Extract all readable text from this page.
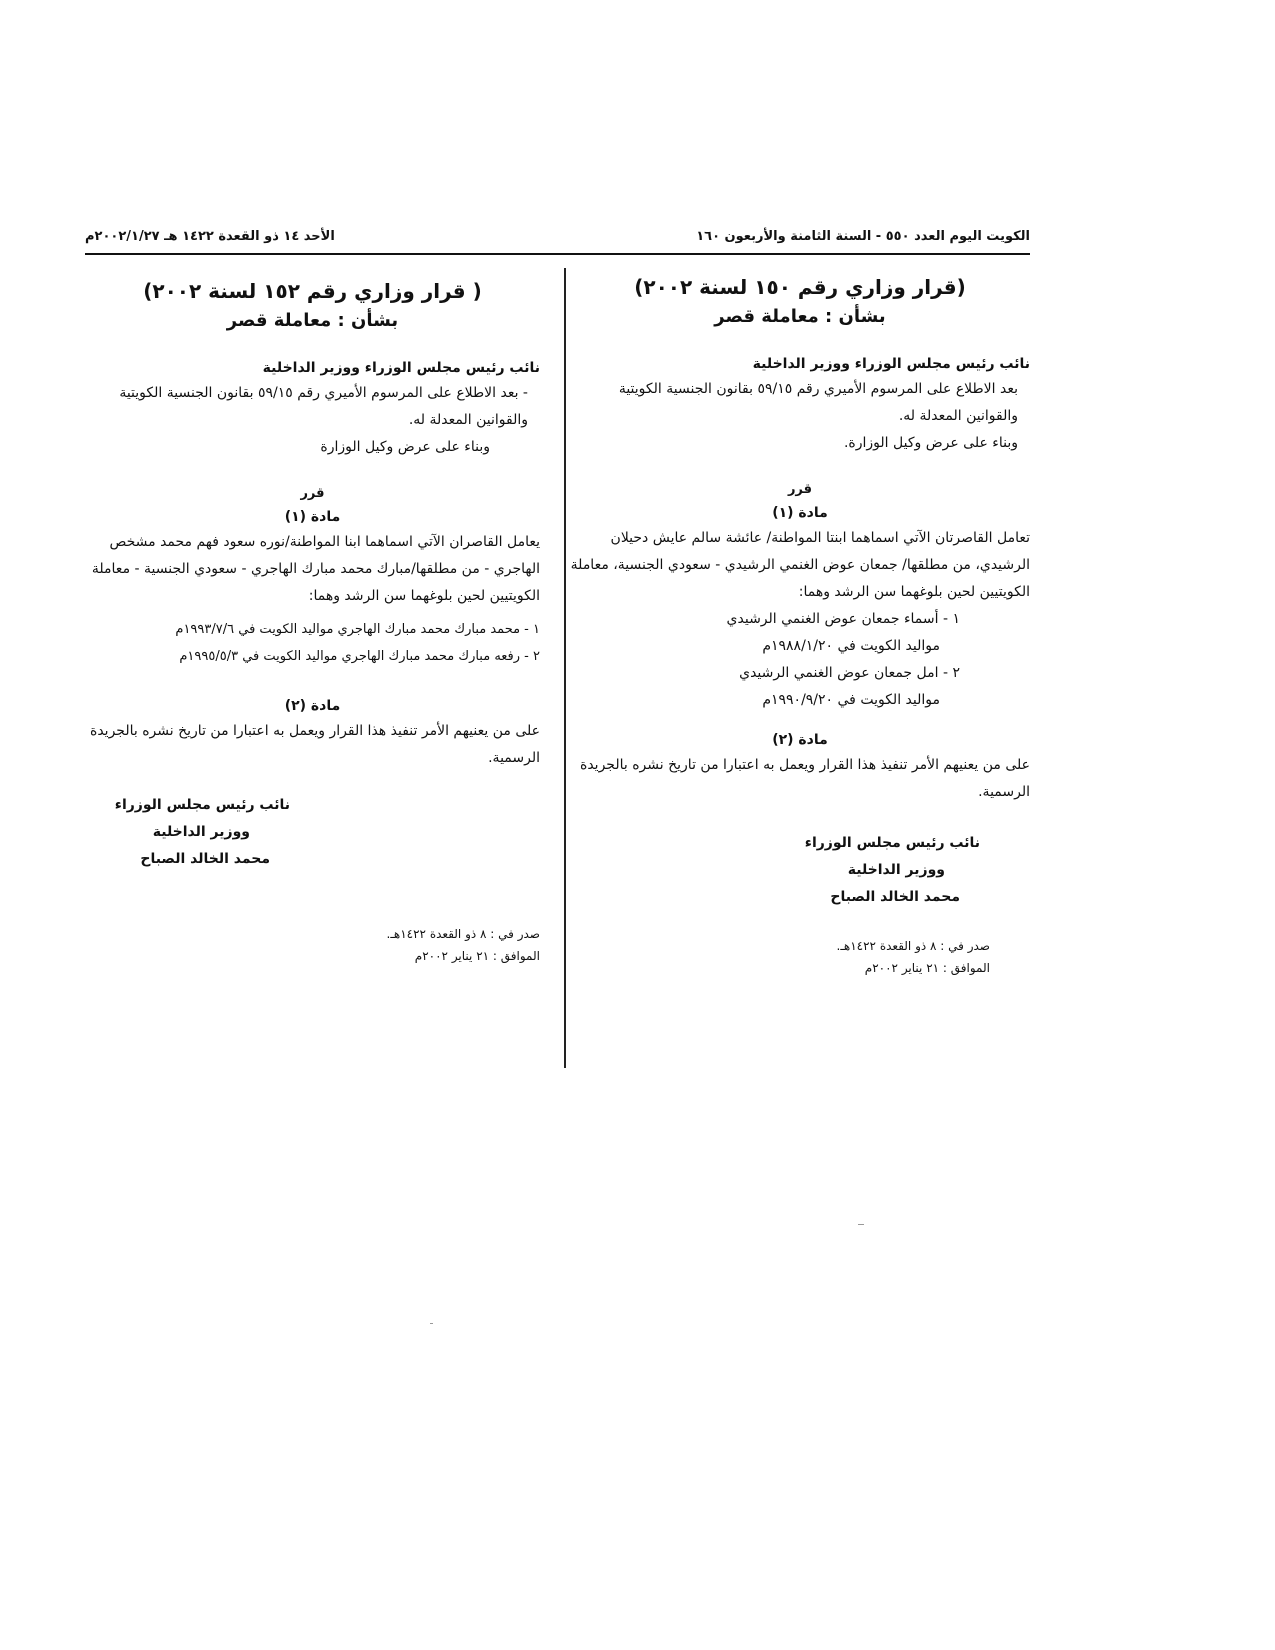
الكويت اليوم العدد ٥٥٠ - السنة الثامنة والأربعون ١٦٠
الأحد ١٤ ذو القعدة ١٤٢٢ هـ ٢٠٠٢/١/٢٧م
(قرار وزاري رقم ١٥٠ لسنة ٢٠٠٢)
بشأن : معاملة قصر
نائب رئيس مجلس الوزراء ووزير الداخلية
بعد الاطلاع على المرسوم الأميري رقم ٥٩/١٥ بقانون الجنسية الكويتية والقوانين المعدلة له.
وبناء على عرض وكيل الوزارة.
قرر
مادة (١)
تعامل القاصرتان الآتي اسماهما ابنتا المواطنة/ عائشة سالم عايش دحيلان الرشيدي، من مطلقها/ جمعان عوض الغنمي الرشيدي - سعودي الجنسية، معاملة الكويتيين لحين بلوغهما سن الرشد وهما:
١ - أسماء جمعان عوض الغنمي الرشيدي
مواليد الكويت في ١٩٨٨/١/٢٠م
٢ - امل جمعان عوض الغنمي الرشيدي
مواليد الكويت في ١٩٩٠/٩/٢٠م
مادة (٢)
على من يعنيهم الأمر تنفيذ هذا القرار ويعمل به اعتبارا من تاريخ نشره بالجريدة الرسمية.
نائب رئيس مجلس الوزراء
ووزير الداخلية
محمد الخالد الصباح
صدر في : ٨ ذو القعدة ١٤٢٢هـ.
الموافق : ٢١ يناير ٢٠٠٢م
( قرار وزاري رقم ١٥٢ لسنة ٢٠٠٢)
بشأن : معاملة قصر
نائب رئيس مجلس الوزراء ووزير الداخلية
- بعد الاطلاع على المرسوم الأميري رقم ٥٩/١٥ بقانون الجنسية الكويتية والقوانين المعدلة له.
وبناء على عرض وكيل الوزارة
قرر
مادة (١)
يعامل القاصران الآتي اسماهما ابنا المواطنة/نوره سعود فهم محمد مشخص الهاجري - من مطلقها/مبارك محمد مبارك الهاجري - سعودي الجنسية - معاملة الكويتيين لحين بلوغهما سن الرشد وهما:
١ - محمد مبارك محمد مبارك الهاجري مواليد الكويت في ١٩٩٣/٧/٦م
٢ - رفعه مبارك محمد مبارك الهاجري مواليد الكويت في ١٩٩٥/٥/٣م
مادة (٢)
على من يعنيهم الأمر تنفيذ هذا القرار ويعمل به اعتبارا من تاريخ نشره بالجريدة الرسمية.
نائب رئيس مجلس الوزراء
ووزير الداخلية
محمد الخالد الصباح
صدر في : ٨ ذو القعدة ١٤٢٢هـ.
الموافق : ٢١ يناير ٢٠٠٢م
